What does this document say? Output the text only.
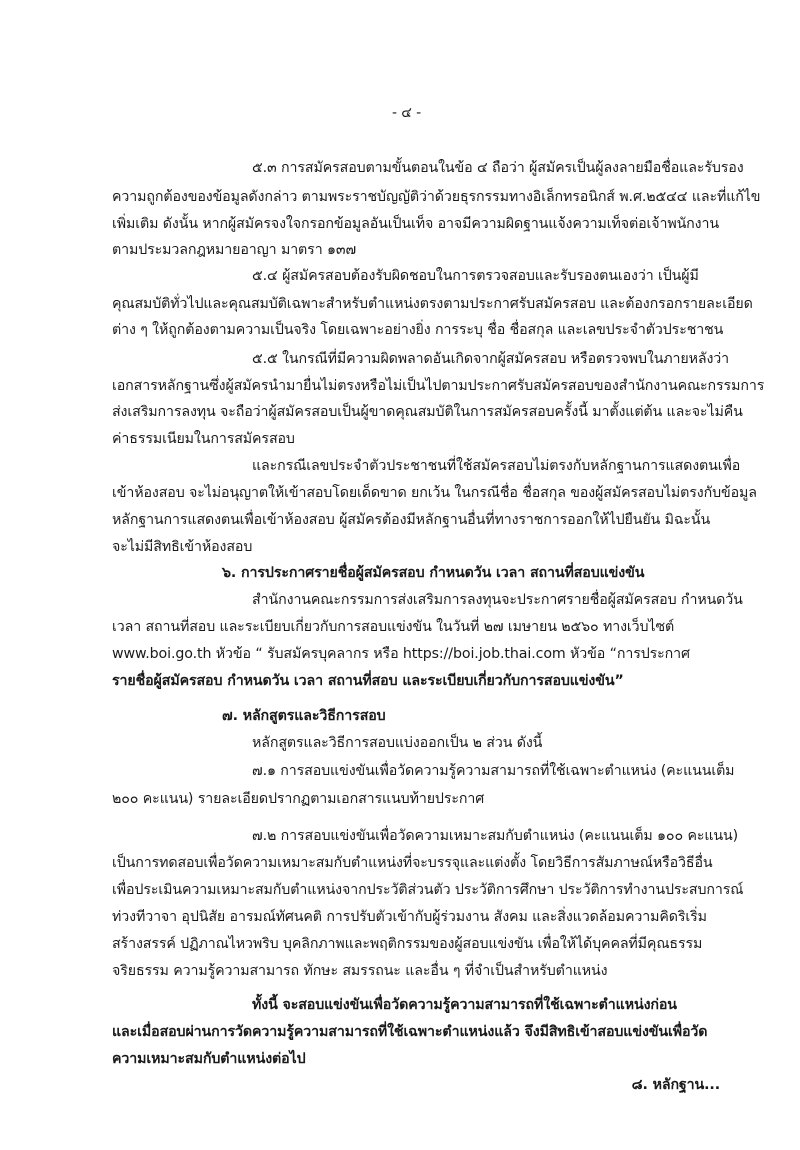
- ๔ -
๕.๓ การสมัครสอบตามขั้นตอนในข้อ ๔ ถือว่า ผู้สมัครเป็นผู้ลงลายมือชื่อและรับรอง
ความถูกต้องของข้อมูลดังกล่าว ตามพระราชบัญญัติว่าด้วยธุรกรรมทางอิเล็กทรอนิกส์ พ.ศ.๒๕๔๔ และที่แก้ไข
เพิ่มเติม ดังนั้น หากผู้สมัครจงใจกรอกข้อมูลอันเป็นเท็จ อาจมีความผิดฐานแจ้งความเท็จต่อเจ้าพนักงาน
ตามประมวลกฎหมายอาญา มาตรา ๑๓๗
๕.๔ ผู้สมัครสอบต้องรับผิดชอบในการตรวจสอบและรับรองตนเองว่า เป็นผู้มี
คุณสมบัติทั่วไปและคุณสมบัติเฉพาะสำหรับตำแหน่งตรงตามประกาศรับสมัครสอบ และต้องกรอกรายละเอียด
ต่าง ๆ ให้ถูกต้องตามความเป็นจริง โดยเฉพาะอย่างยิ่ง การระบุ ชื่อ ชื่อสกุล และเลขประจำตัวประชาชน
๕.๕ ในกรณีที่มีความผิดพลาดอันเกิดจากผู้สมัครสอบ หรือตรวจพบในภายหลังว่า
เอกสารหลักฐานซึ่งผู้สมัครนำมายื่นไม่ตรงหรือไม่เป็นไปตามประกาศรับสมัครสอบของสำนักงานคณะกรรมการ
ส่งเสริมการลงทุน จะถือว่าผู้สมัครสอบเป็นผู้ขาดคุณสมบัติในการสมัครสอบครั้งนี้ มาตั้งแต่ต้น และจะไม่คืน
ค่าธรรมเนียมในการสมัครสอบ
และกรณีเลขประจำตัวประชาชนที่ใช้สมัครสอบไม่ตรงกับหลักฐานการแสดงตนเพื่อ
เข้าห้องสอบ จะไม่อนุญาตให้เข้าสอบโดยเด็ดขาด ยกเว้น ในกรณีชื่อ ชื่อสกุล ของผู้สมัครสอบไม่ตรงกับข้อมูล
หลักฐานการแสดงตนเพื่อเข้าห้องสอบ ผู้สมัครต้องมีหลักฐานอื่นที่ทางราชการออกให้ไปยืนยัน มิฉะนั้น
จะไม่มีสิทธิเข้าห้องสอบ
๖. การประกาศรายชื่อผู้สมัครสอบ กำหนดวัน เวลา สถานที่สอบแข่งขัน
สำนักงานคณะกรรมการส่งเสริมการลงทุนจะประกาศรายชื่อผู้สมัครสอบ กำหนดวัน
เวลา สถานที่สอบ และระเบียบเกี่ยวกับการสอบแข่งขัน ในวันที่ ๒๗ เมษายน ๒๕๖๐ ทางเว็บไซต์
www.boi.go.th หัวข้อ “ รับสมัครบุคลากร หรือ https://boi.job.thai.com หัวข้อ “การประกาศ
รายชื่อผู้สมัครสอบ กำหนดวัน เวลา สถานที่สอบ และระเบียบเกี่ยวกับการสอบแข่งขัน”
๗. หลักสูตรและวิธีการสอบ
หลักสูตรและวิธีการสอบแบ่งออกเป็น ๒ ส่วน ดังนี้
๗.๑ การสอบแข่งขันเพื่อวัดความรู้ความสามารถที่ใช้เฉพาะตำแหน่ง (คะแนนเต็ม
๒๐๐ คะแนน) รายละเอียดปรากฏตามเอกสารแนบท้ายประกาศ
๗.๒ การสอบแข่งขันเพื่อวัดความเหมาะสมกับตำแหน่ง (คะแนนเต็ม ๑๐๐ คะแนน)
เป็นการทดสอบเพื่อวัดความเหมาะสมกับตำแหน่งที่จะบรรจุและแต่งตั้ง โดยวิธีการสัมภาษณ์หรือวิธีอื่น
เพื่อประเมินความเหมาะสมกับตำแหน่งจากประวัติส่วนตัว ประวัติการศึกษา ประวัติการทำงานประสบการณ์
ท่วงทีวาจา อุปนิสัย อารมณ์ทัศนคติ การปรับตัวเข้ากับผู้ร่วมงาน สังคม และสิ่งแวดล้อมความคิดริเริ่ม
สร้างสรรค์ ปฏิภาณไหวพริบ บุคลิกภาพและพฤติกรรมของผู้สอบแข่งขัน เพื่อให้ได้บุคคลที่มีคุณธรรม
จริยธรรม ความรู้ความสามารถ ทักษะ สมรรถนะ และอื่น ๆ ที่จำเป็นสำหรับตำแหน่ง
ทั้งนี้ จะสอบแข่งขันเพื่อวัดความรู้ความสามารถที่ใช้เฉพาะตำแหน่งก่อน
และเมื่อสอบผ่านการวัดความรู้ความสามารถที่ใช้เฉพาะตำแหน่งแล้ว จึงมีสิทธิเข้าสอบแข่งขันเพื่อวัด
ความเหมาะสมกับตำแหน่งต่อไป
๘. หลักฐาน...
